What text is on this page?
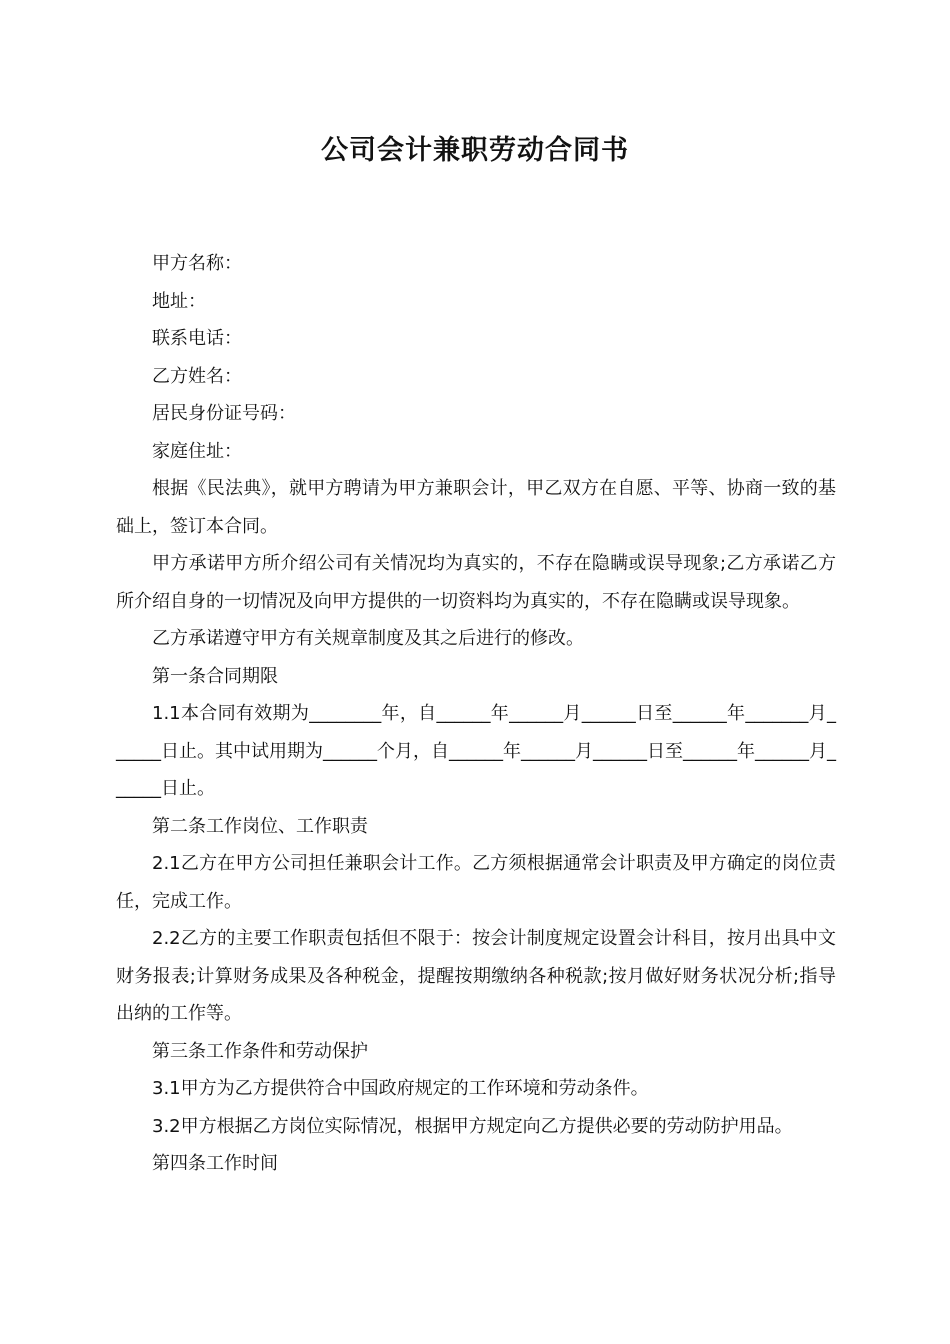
公司会计兼职劳动合同书

甲方名称：

地址：

联系电话：

乙方姓名：

居民身份证号码：

家庭住址：

根据《民法典》，就甲方聘请为甲方兼职会计，甲乙双方在自愿、平等、协商一致的基础上，签订本合同。

甲方承诺甲方所介绍公司有关情况均为真实的，不存在隐瞒或误导现象;乙方承诺乙方所介绍自身的一切情况及向甲方提供的一切资料均为真实的，不存在隐瞒或误导现象。

乙方承诺遵守甲方有关规章制度及其之后进行的修改。

第一条合同期限

1.1本合同有效期为________年，自______年______月______日至______年_______月______日止。其中试用期为______个月，自______年______月______日至______年______月______日止。

第二条工作岗位、工作职责

2.1乙方在甲方公司担任兼职会计工作。乙方须根据通常会计职责及甲方确定的岗位责任，完成工作。

2.2乙方的主要工作职责包括但不限于：按会计制度规定设置会计科目，按月出具中文财务报表;计算财务成果及各种税金，提醒按期缴纳各种税款;按月做好财务状况分析;指导出纳的工作等。

第三条工作条件和劳动保护

3.1甲方为乙方提供符合中国政府规定的工作环境和劳动条件。

3.2甲方根据乙方岗位实际情况，根据甲方规定向乙方提供必要的劳动防护用品。

第四条工作时间
